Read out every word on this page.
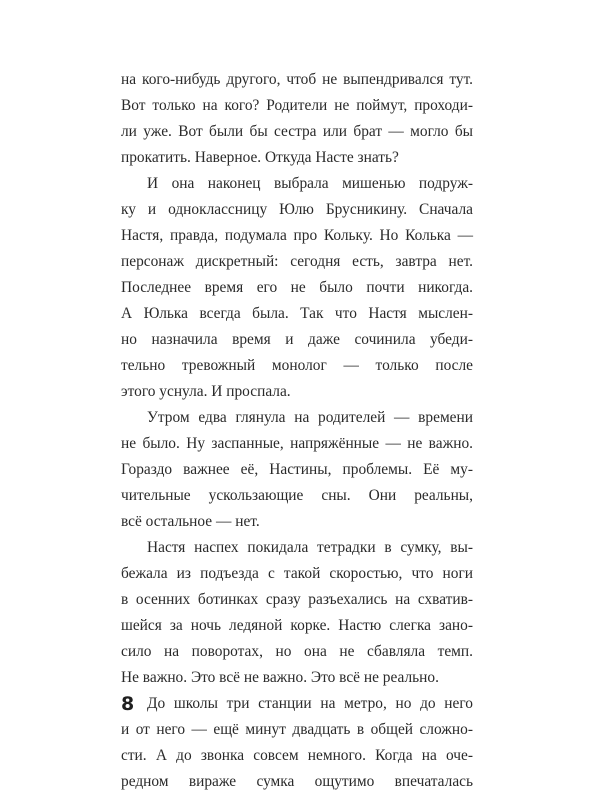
на кого-нибудь другого, чтоб не выпендривался тут.
Вот только на кого? Родители не поймут, проходи-
ли уже. Вот были бы сестра или брат — могло бы
прокатить. Наверное. Откуда Насте знать?
И она наконец выбрала мишенью подруж-
ку и одноклассницу Юлю Брусникину. Сначала
Настя, правда, подумала про Кольку. Но Колька —
персонаж дискретный: сегодня есть, завтра нет.
Последнее время его не было почти никогда.
А Юлька всегда была. Так что Настя мыслен-
но назначила время и даже сочинила убеди-
тельно тревожный монолог — только после
этого уснула. И проспала.
Утром едва глянула на родителей — времени
не было. Ну заспанные, напряжённые — не важно.
Гораздо важнее её, Настины, проблемы. Её му-
чительные ускользающие сны. Они реальны,
всё остальное — нет.
Настя наспех покидала тетрадки в сумку, вы-
бежала из подъезда с такой скоростью, что ноги
в осенних ботинках сразу разъехались на схватив-
шейся за ночь ледяной корке. Настю слегка зано-
сило на поворотах, но она не сбавляла темп.
Не важно. Это всё не важно. Это всё не реально.
До школы три станции на метро, но до него
и от него — ещё минут двадцать в общей сложно-
сти. А до звонка совсем немного. Когда на оче-
редном вираже сумка ощутимо впечаталась
8
